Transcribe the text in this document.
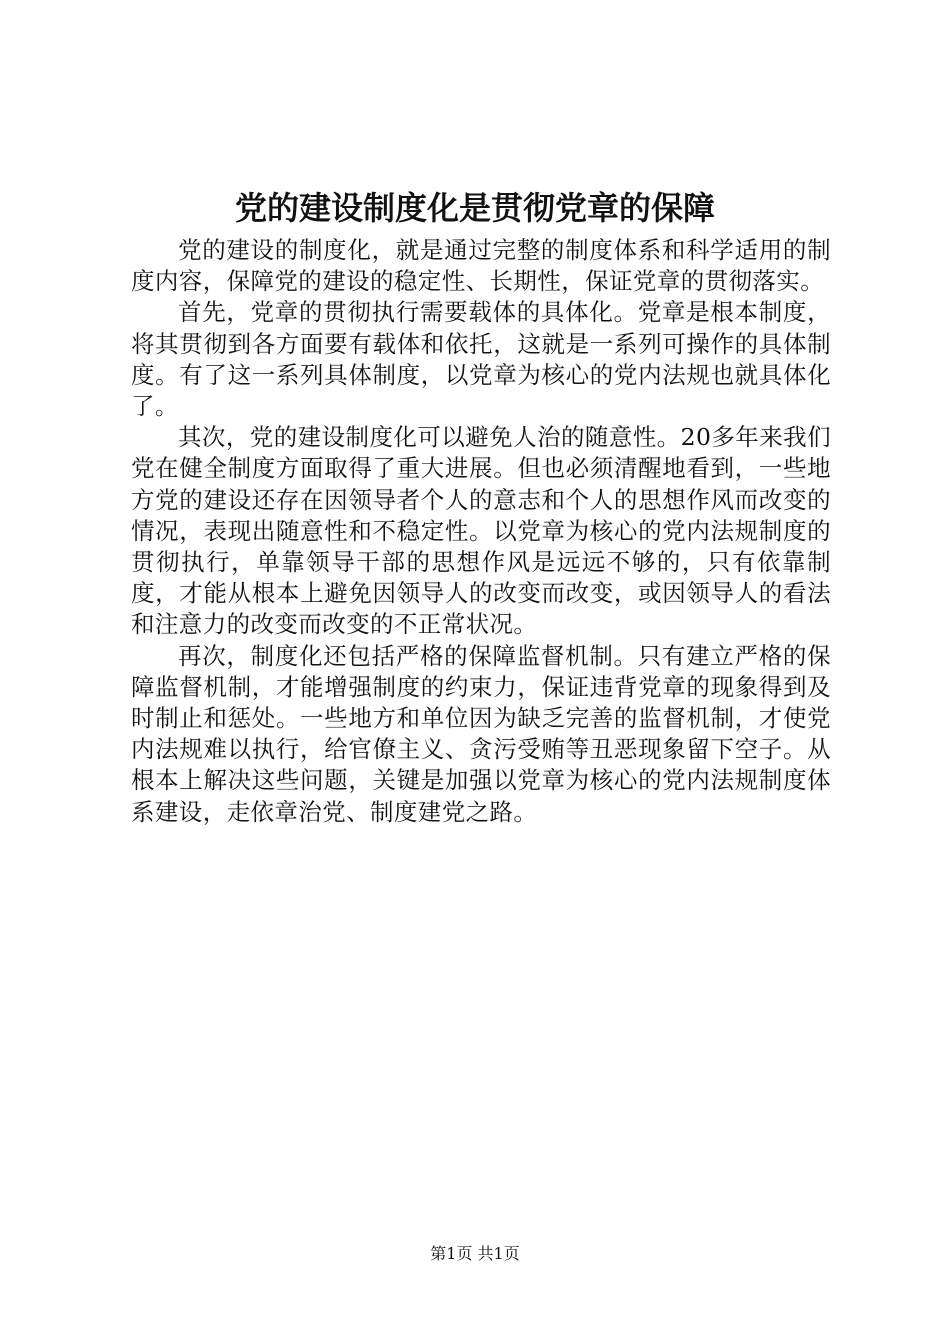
党的建设制度化是贯彻党章的保障

党的建设的制度化，就是通过完整的制度体系和科学适用的制度内容，保障党的建设的稳定性、长期性，保证党章的贯彻落实。

首先，党章的贯彻执行需要载体的具体化。党章是根本制度，将其贯彻到各方面要有载体和依托，这就是一系列可操作的具体制度。有了这一系列具体制度，以党章为核心的党内法规也就具体化了。

其次，党的建设制度化可以避免人治的随意性。20多年来我们党在健全制度方面取得了重大进展。但也必须清醒地看到，一些地方党的建设还存在因领导者个人的意志和个人的思想作风而改变的情况，表现出随意性和不稳定性。以党章为核心的党内法规制度的贯彻执行，单靠领导干部的思想作风是远远不够的，只有依靠制度，才能从根本上避免因领导人的改变而改变，或因领导人的看法和注意力的改变而改变的不正常状况。

再次，制度化还包括严格的保障监督机制。只有建立严格的保障监督机制，才能增强制度的约束力，保证违背党章的现象得到及时制止和惩处。一些地方和单位因为缺乏完善的监督机制，才使党内法规难以执行，给官僚主义、贪污受贿等丑恶现象留下空子。从根本上解决这些问题，关键是加强以党章为核心的党内法规制度体系建设，走依章治党、制度建党之路。

第1页 共1页
